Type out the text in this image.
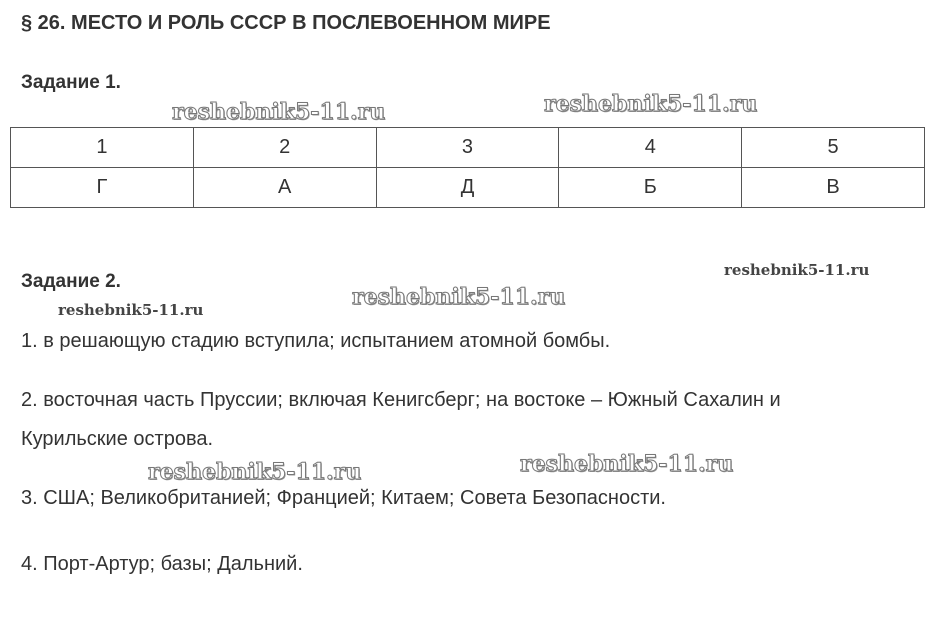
§ 26. МЕСТО И РОЛЬ СССР В ПОСЛЕВОЕННОМ МИРЕ
Задание 1.
1	2	3	4	5
Г	А	Д	Б	В
Задание 2.
1. в решающую стадию вступила; испытанием атомной бомбы.
2. восточная часть Пруссии; включая Кенигсберг; на востоке – Южный Сахалин и
Курильские острова.
3. США; Великобританией; Францией; Китаем; Совета Безопасности.
4. Порт-Артур; базы; Дальний.
reshebnik5-11.ru	reshebnik5-11.ru
reshebnik5-11.ru
reshebnik5-11.ru	reshebnik5-11.ru
reshebnik5-11.ru	reshebnik5-11.ru
